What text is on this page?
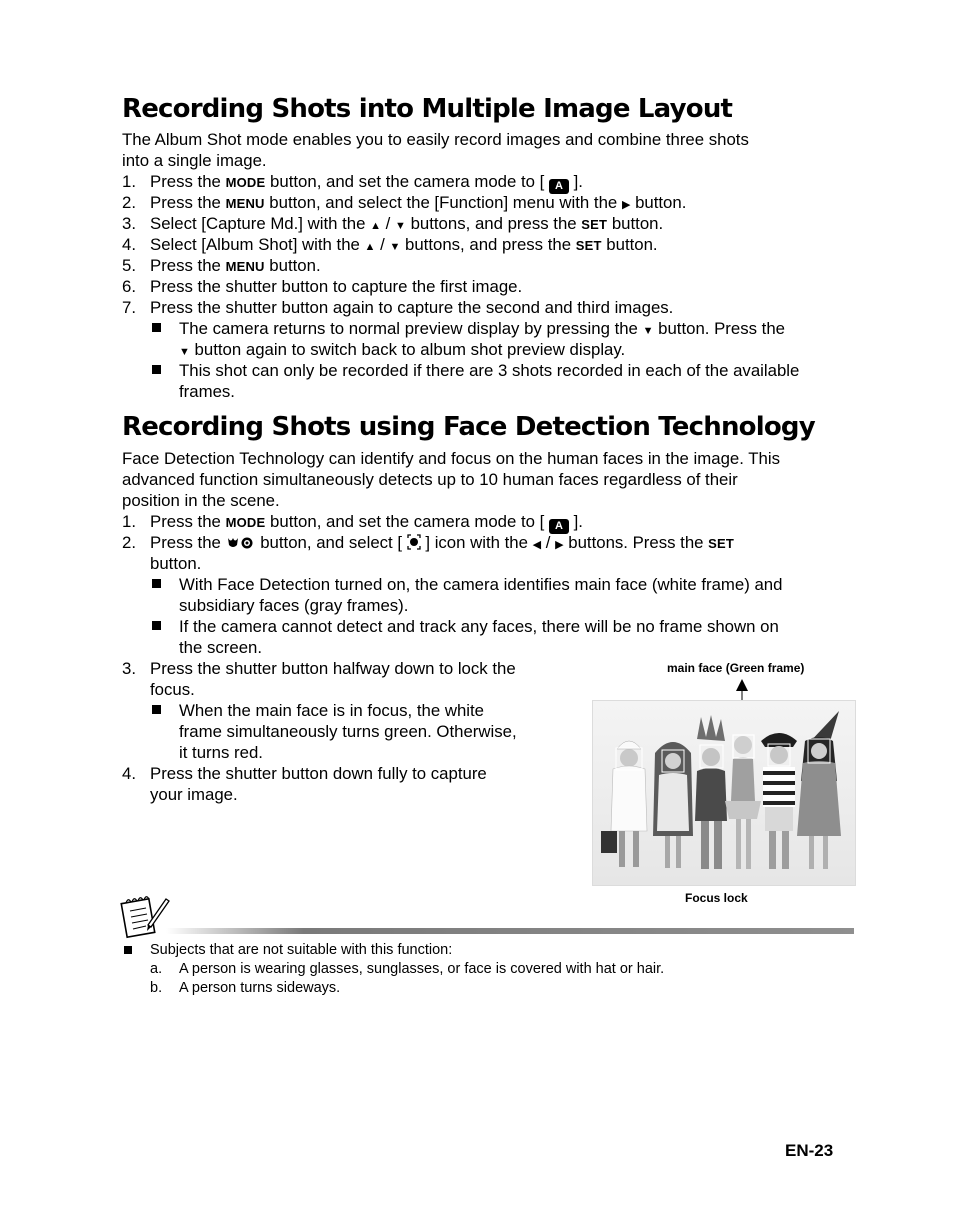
Recording Shots into Multiple Image Layout
The Album Shot mode enables you to easily record images and combine three shots
into a single image.
1. Press the MODE button, and set the camera mode to [ A ].
2. Press the MENU button, and select the [Function] menu with the ▶ button.
3. Select [Capture Md.] with the ▲ / ▼ buttons, and press the SET button.
4. Select [Album Shot] with the ▲ / ▼ buttons, and press the SET button.
5. Press the MENU button.
6. Press the shutter button to capture the first image.
7. Press the shutter button again to capture the second and third images.
The camera returns to normal preview display by pressing the ▼ button. Press the
▼ button again to switch back to album shot preview display.
This shot can only be recorded if there are 3 shots recorded in each of the available
frames.
Recording Shots using Face Detection Technology
Face Detection Technology can identify and focus on the human faces in the image. This
advanced function simultaneously detects up to 10 human faces regardless of their
position in the scene.
1. Press the MODE button, and set the camera mode to [ A ].
2. Press the  button, and select [  ] icon with the ◀ / ▶ buttons. Press the SET
button.
With Face Detection turned on, the camera identifies main face (white frame) and
subsidiary faces (gray frames).
If the camera cannot detect and track any faces, there will be no frame shown on
the screen.
3. Press the shutter button halfway down to lock the
focus.
When the main face is in focus, the white
frame simultaneously turns green. Otherwise,
it turns red.
4. Press the shutter button down fully to capture
your image.
main face (Green frame)
Focus lock
Subjects that are not suitable with this function:
a. A person is wearing glasses, sunglasses, or face is covered with hat or hair.
b. A person turns sideways.
EN-23
